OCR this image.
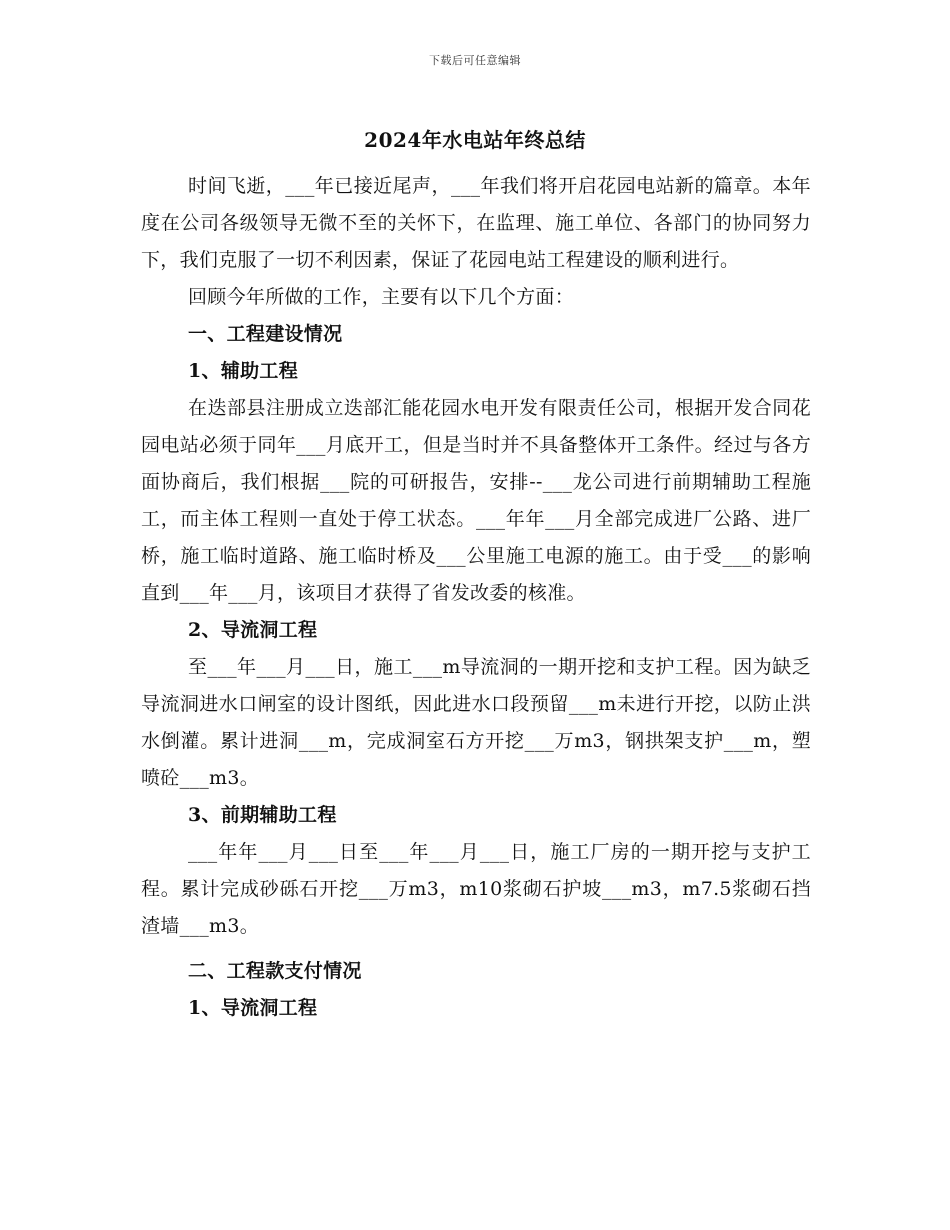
下载后可任意编辑
2024年水电站年终总结

时间飞逝，___年已接近尾声，___年我们将开启花园电站新的篇章。本年度在公司各级领导无微不至的关怀下，在监理、施工单位、各部门的协同努力下，我们克服了一切不利因素，保证了花园电站工程建设的顺利进行。

回顾今年所做的工作，主要有以下几个方面：

一、工程建设情况

1、辅助工程

在迭部县注册成立迭部汇能花园水电开发有限责任公司，根据开发合同花园电站必须于同年___月底开工，但是当时并不具备整体开工条件。经过与各方面协商后，我们根据___院的可研报告，安排--___龙公司进行前期辅助工程施工，而主体工程则一直处于停工状态。___年年___月全部完成进厂公路、进厂桥，施工临时道路、施工临时桥及___公里施工电源的施工。由于受___的影响直到___年___月，该项目才获得了省发改委的核准。

2、导流洞工程

至___年___月___日，施工___m导流洞的一期开挖和支护工程。因为缺乏导流洞进水口闸室的设计图纸，因此进水口段预留___m未进行开挖，以防止洪水倒灌。累计进洞___m，完成洞室石方开挖___万m3，钢拱架支护___m，塑喷砼___m3。

3、前期辅助工程

___年年___月___日至___年___月___日，施工厂房的一期开挖与支护工程。累计完成砂砾石开挖___万m3，m10浆砌石护坡___m3，m7.5浆砌石挡渣墙___m3。

二、工程款支付情况

1、导流洞工程
